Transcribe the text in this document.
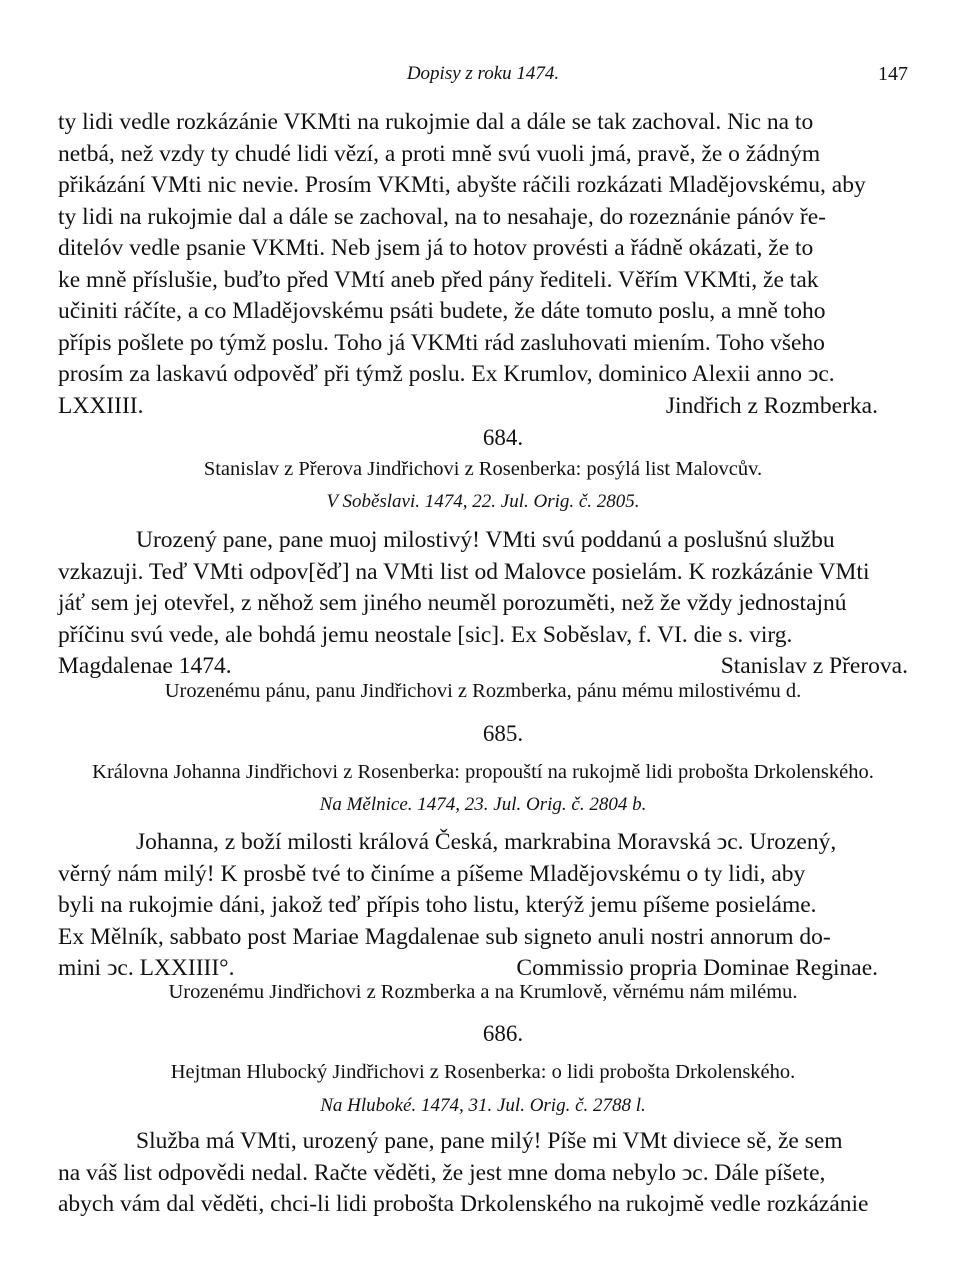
Dopisy z roku 1474.	147

ty lidi vedle rozkázánie VKMti na rukojmie dal a dále se tak zachoval. Nic na to

netbá, než vzdy ty chudé lidi vězí, a proti mně svú vuoli jmá, pravě, že o žádným

přikázání VMti nic nevie. Prosím VKMti, abyšte ráčili rozkázati Mladějovskému, aby

ty lidi na rukojmie dal a dále se zachoval, na to nesahaje, do rozeznánie pánóv ře-

ditelóv vedle psanie VKMti. Neb jsem já to hotov provésti a řádně okázati, že to

ke mně příslušie, buďto před VMtí aneb před pány řediteli. Věřím VKMti, že tak

učiniti ráčíte, a co Mladějovskému psáti budete, že dáte tomuto poslu, a mně toho

přípis pošlete po týmž poslu. Toho já VKMti rád zasluhovati miením. Toho všeho

prosím za laskavú odpověď při týmž poslu. Ex Krumlov, dominico Alexii anno ↄc.

LXXIIII.	Jindřich z Rozmberka.
684.
Stanislav z Přerova Jindřichovi z Rosenberka: posýlá list Malovcův.
V Soběslavi. 1474, 22. Jul. Orig. č. 2805.

Urozený pane, pane muoj milostivý! VMti svú poddanú a poslušnú službu

vzkazuji. Teď VMti odpov[ěď] na VMti list od Malovce posielám. K rozkázánie VMti

jáť sem jej otevřel, z něhož sem jiného neuměl porozuměti, než že vždy jednostajnú

příčinu svú vede, ale bohdá jemu neostale [sic]. Ex Soběslav, f. VI. die s. virg.

Magdalenae 1474.	Stanislav z Přerova.
Urozenému pánu, panu Jindřichovi z Rozmberka, pánu mému milostivému d.
685.
Královna Johanna Jindřichovi z Rosenberka: propouští na rukojmě lidi probošta Drkolenského.
Na Mělnice. 1474, 23. Jul. Orig. č. 2804 b.

Johanna, z boží milosti králová Česká, markrabina Moravská ↄc. Urozený,

věrný nám milý! K prosbě tvé to činíme a píšeme Mladějovskému o ty lidi, aby

byli na rukojmie dáni, jakož teď přípis toho listu, kterýž jemu píšeme posieláme.

Ex Mělník, sabbato post Mariae Magdalenae sub signeto anuli nostri annorum do-

mini ↄc. LXXIIII°.	Commissio propria Dominae Reginae.
Urozenému Jindřichovi z Rozmberka a na Krumlově, věrnému nám milému.
686.
Hejtman Hlubocký Jindřichovi z Rosenberka: o lidi probošta Drkolenského.
Na Hluboké. 1474, 31. Jul. Orig. č. 2788 l.

Služba má VMti, urozený pane, pane milý! Píše mi VMt diviece sě, že sem

na váš list odpovědi nedal. Račte věděti, že jest mne doma nebylo ↄc. Dále píšete,

abych vám dal věděti, chci-li lidi probošta Drkolenského na rukojmě vedle rozkázánie
